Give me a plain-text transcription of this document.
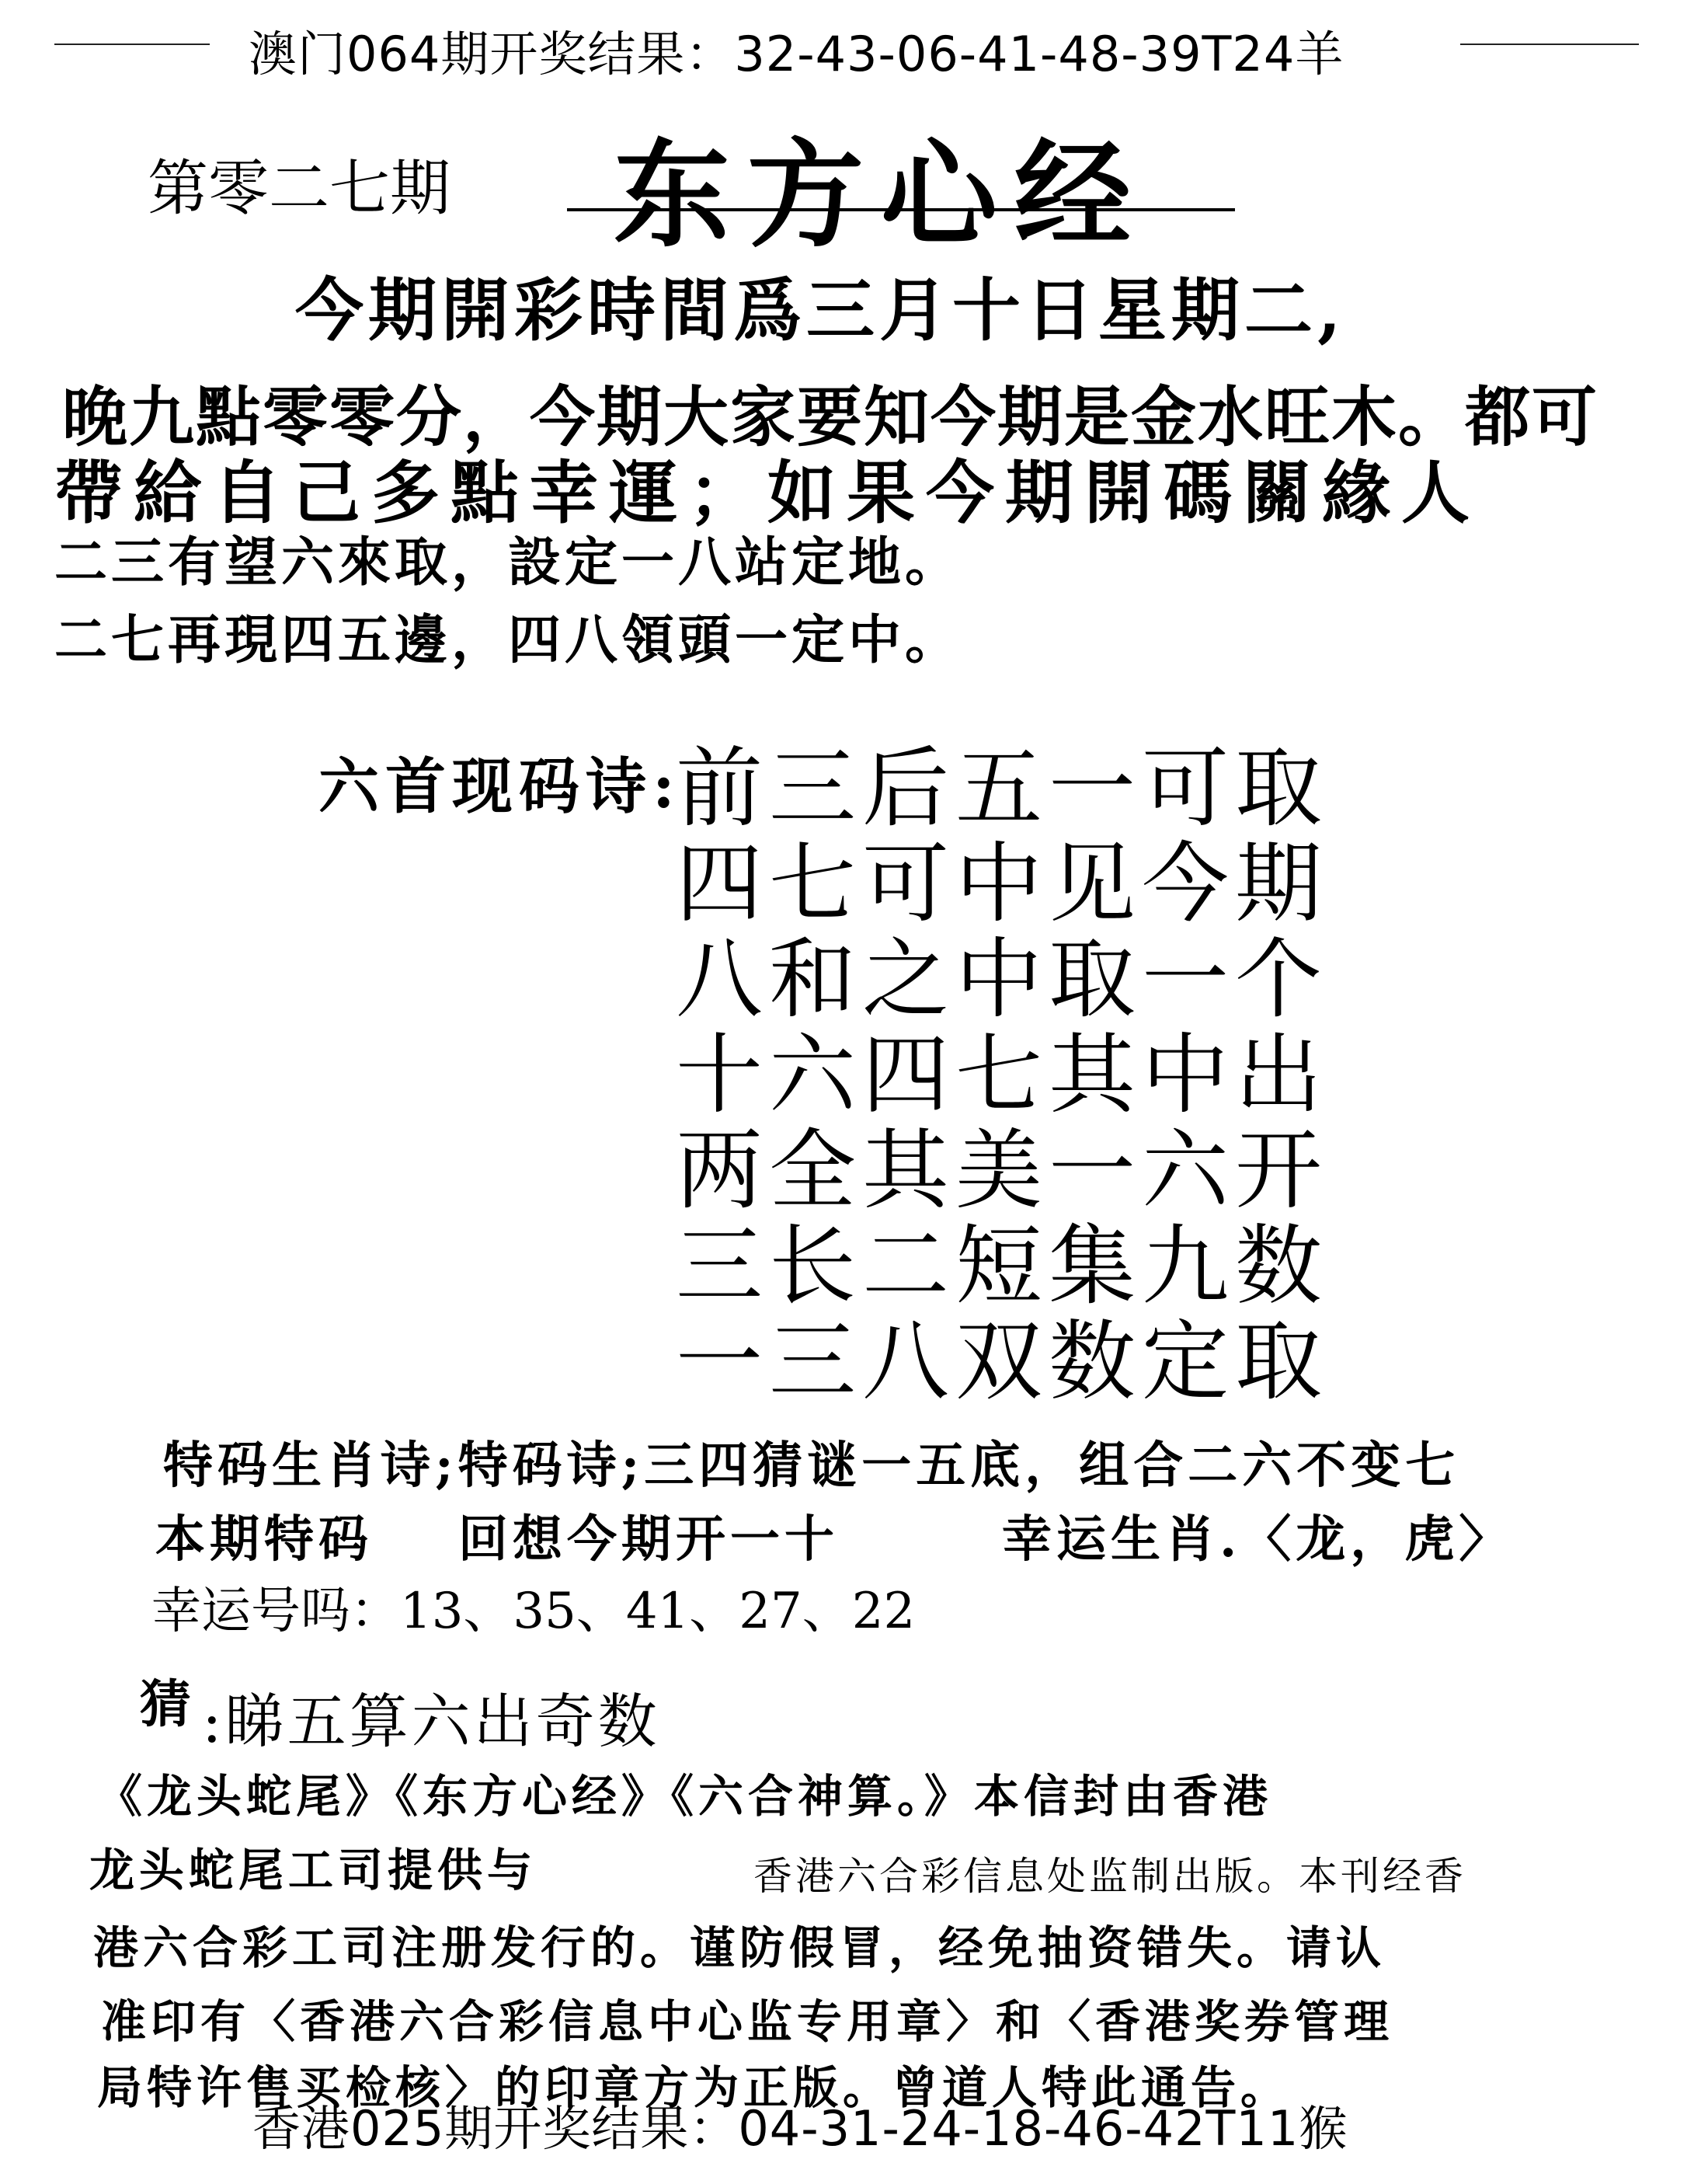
澳门064期开奖结果：32-43-06-41-48-39T24羊
第零二七期 东方心经
今期開彩時間爲三月十日星期二,
晚九點零零分，今期大家要知今期是金水旺木。都可
帶給自己多點幸運；如果今期開碼關緣人
二三有望六來取，設定一八站定地。
二七再現四五邊，四八領頭一定中。
六首现码诗:
前三后五一可取
四七可中见今期
八和之中取一个
十六四七其中出
两全其美一六开
三长二短集九数
一三八双数定取
特码生肖诗;特码诗;三四猜谜一五底，组合二六不变七
本期特码 回想今期开一十	幸运生肖.〈龙，虎〉
幸运号吗：13、35、41、27、22
猜 :睇五算六出奇数
《龙头蛇尾》《东方心经》《六合神算。》本信封由香港
龙头蛇尾工司提供与	香港六合彩信息处监制出版。本刊经香
港六合彩工司注册发行的。谨防假冒，经免抽资错失。请认
准印有〈香港六合彩信息中心监专用章〉和〈香港奖券管理
局特许售买检核〉的印章方为正版。曾道人特此通告。
香港025期开奖结果：04-31-24-18-46-42T11猴
